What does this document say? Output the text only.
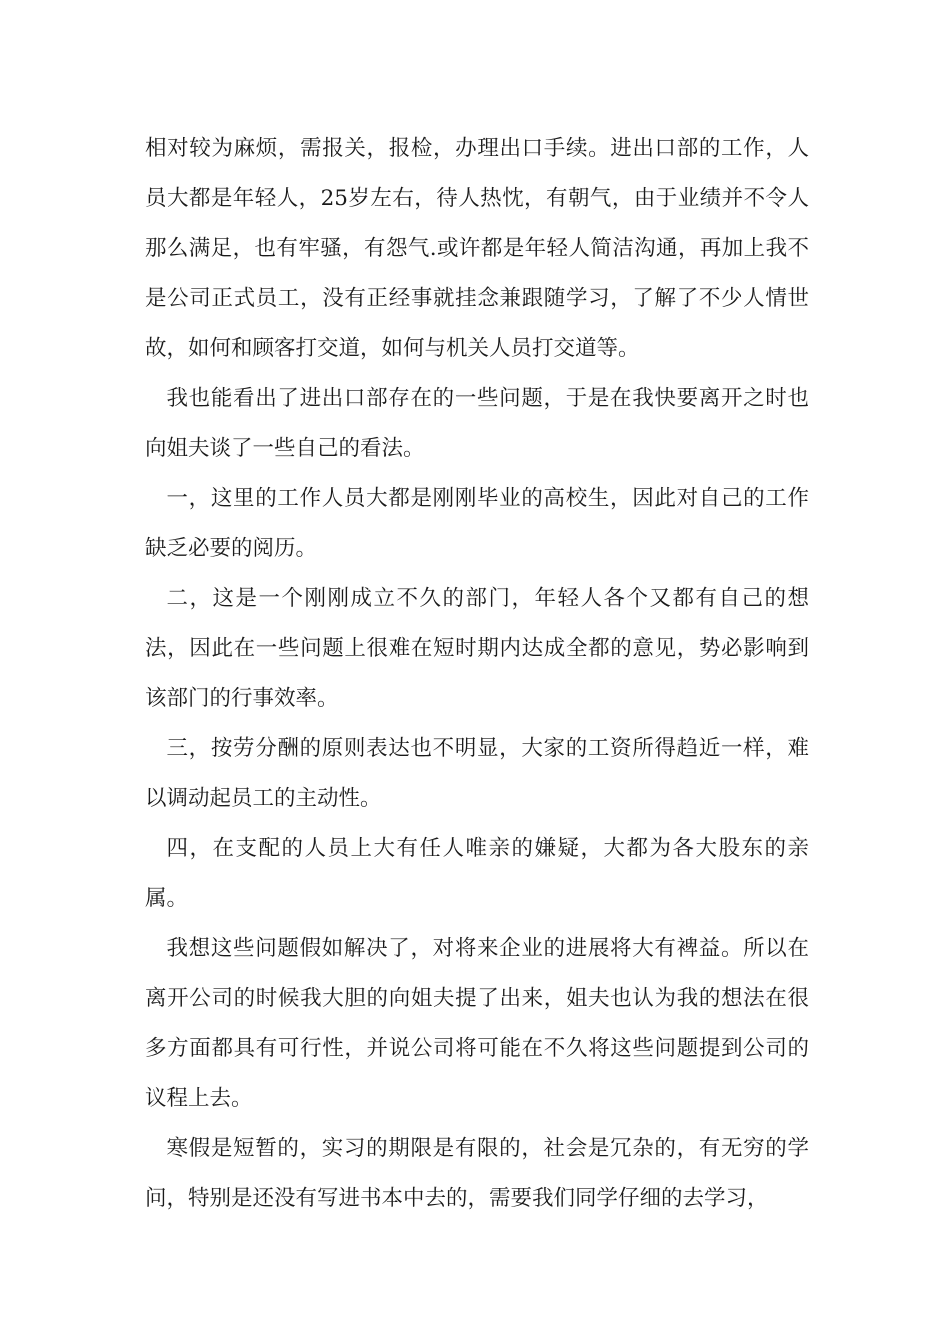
相对较为麻烦，需报关，报检，办理出口手续。进出口部的工作，人员大都是年轻人，25岁左右，待人热忱，有朝气，由于业绩并不令人那么满足，也有牢骚，有怨气.或许都是年轻人简洁沟通，再加上我不是公司正式员工，没有正经事就挂念兼跟随学习，了解了不少人情世故，如何和顾客打交道，如何与机关人员打交道等。

我也能看出了进出口部存在的一些问题，于是在我快要离开之时也向姐夫谈了一些自己的看法。

一，这里的工作人员大都是刚刚毕业的高校生，因此对自己的工作缺乏必要的阅历。

二，这是一个刚刚成立不久的部门，年轻人各个又都有自己的想法，因此在一些问题上很难在短时期内达成全都的意见，势必影响到该部门的行事效率。

三，按劳分酬的原则表达也不明显，大家的工资所得趋近一样，难以调动起员工的主动性。

四，在支配的人员上大有任人唯亲的嫌疑，大都为各大股东的亲属。

我想这些问题假如解决了，对将来企业的进展将大有裨益。所以在离开公司的时候我大胆的向姐夫提了出来，姐夫也认为我的想法在很多方面都具有可行性，并说公司将可能在不久将这些问题提到公司的议程上去。

寒假是短暂的，实习的期限是有限的，社会是冗杂的，有无穷的学问，特别是还没有写进书本中去的，需要我们同学仔细的去学习，
